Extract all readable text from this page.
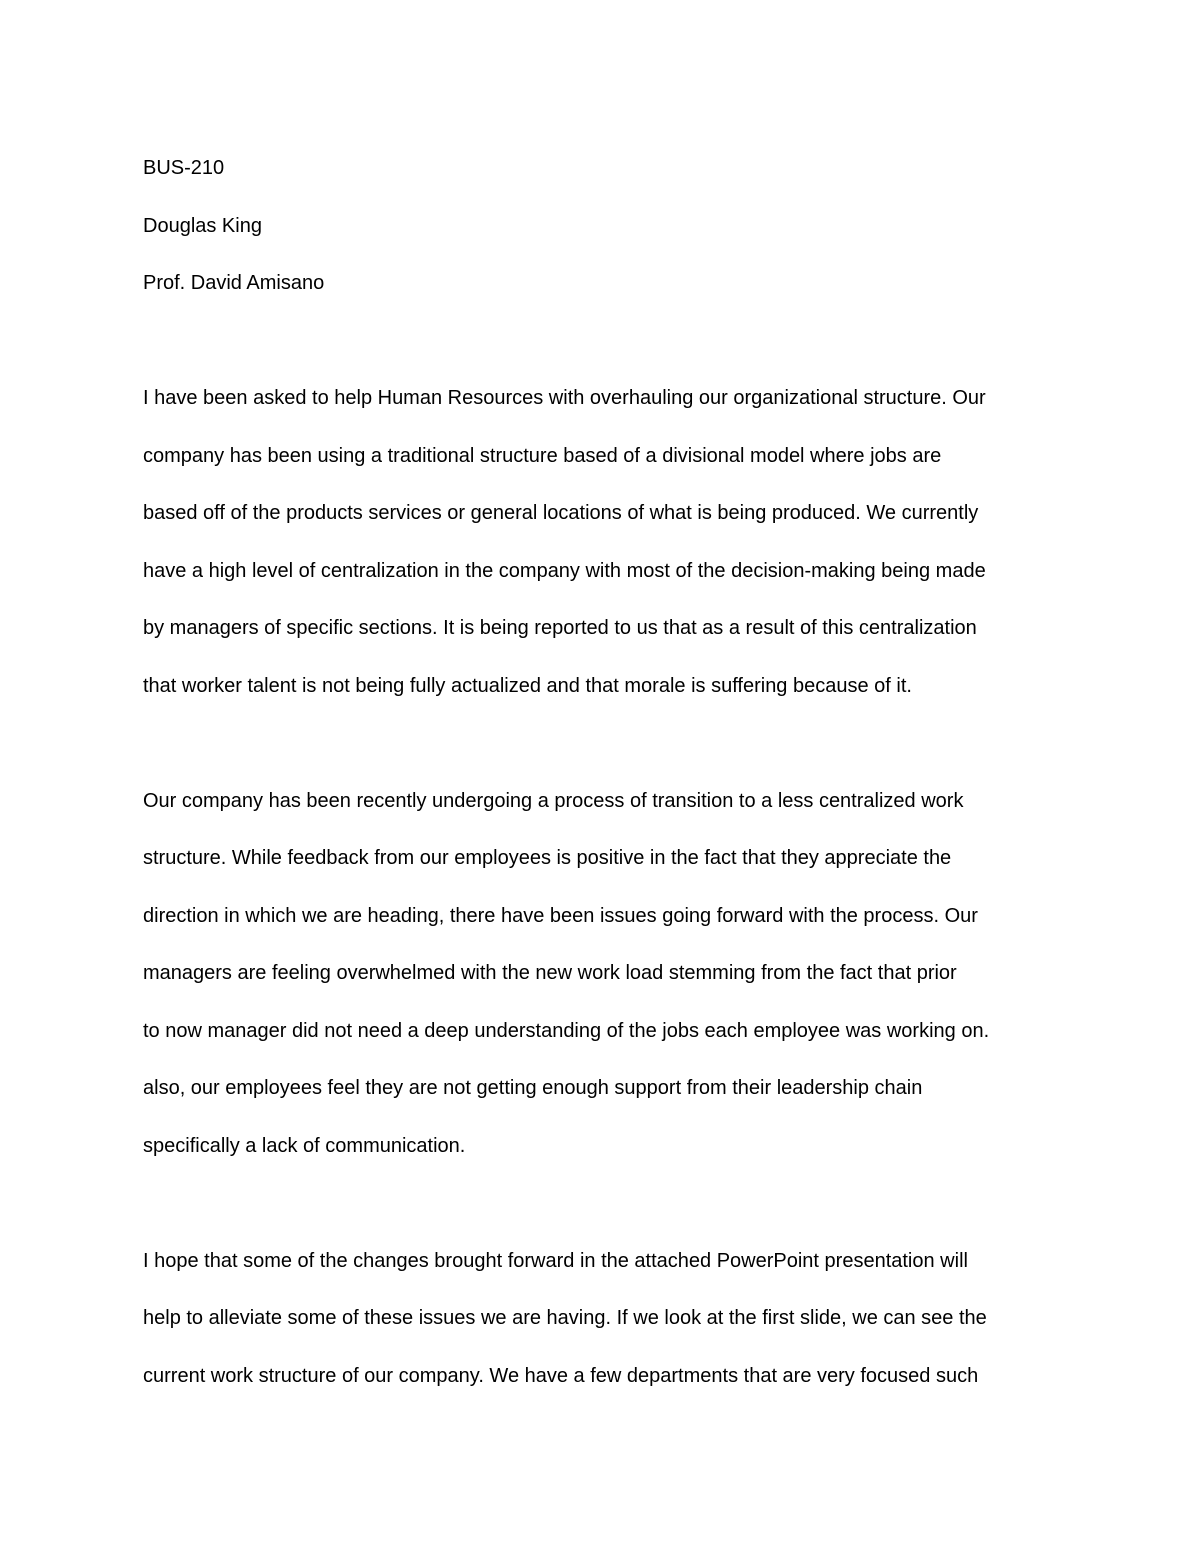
BUS-210

Douglas King

Prof. David Amisano

I have been asked to help Human Resources with overhauling our organizational structure. Our

company has been using a traditional structure based of a divisional model where jobs are

based off of the products services or general locations of what is being produced. We currently

have a high level of centralization in the company with most of the decision-making being made

by managers of specific sections. It is being reported to us that as a result of this centralization

that worker talent is not being fully actualized and that morale is suffering because of it.

Our company has been recently undergoing a process of transition to a less centralized work

structure. While feedback from our employees is positive in the fact that they appreciate the

direction in which we are heading, there have been issues going forward with the process. Our

managers are feeling overwhelmed with the new work load stemming from the fact that prior

to now manager did not need a deep understanding of the jobs each employee was working on.

also, our employees feel they are not getting enough support from their leadership chain

specifically a lack of communication.

I hope that some of the changes brought forward in the attached PowerPoint presentation will

help to alleviate some of these issues we are having. If we look at the first slide, we can see the

current work structure of our company. We have a few departments that are very focused such
